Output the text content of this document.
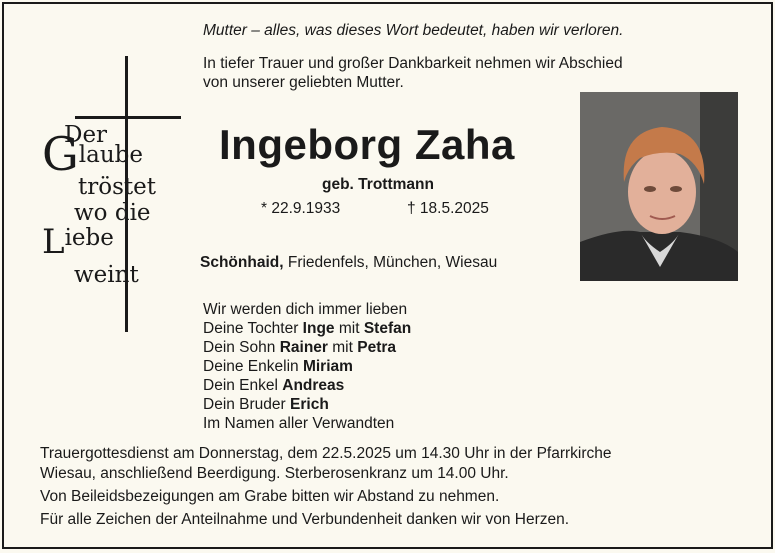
Mutter – alles, was dieses Wort bedeutet, haben wir verloren.
In tiefer Trauer und großer Dankbarkeit nehmen wir Abschied
von unserer geliebten Mutter.
Der
Glaube
tröstet
wo die
Liebe
weint
Ingeborg Zaha
geb. Trottmann
* 22.9.1933	† 18.5.2025
Schönhaid, Friedenfels, München, Wiesau
Wir werden dich immer lieben
Deine Tochter Inge mit Stefan
Dein Sohn Rainer mit Petra
Deine Enkelin Miriam
Dein Enkel Andreas
Dein Bruder Erich
Im Namen aller Verwandten
Trauergottesdienst am Donnerstag, dem 22.5.2025 um 14.30 Uhr in der Pfarrkirche
Wiesau, anschließend Beerdigung. Sterberosenkranz um 14.00 Uhr.
Von Beileidsbezeigungen am Grabe bitten wir Abstand zu nehmen.
Für alle Zeichen der Anteilnahme und Verbundenheit danken wir von Herzen.
